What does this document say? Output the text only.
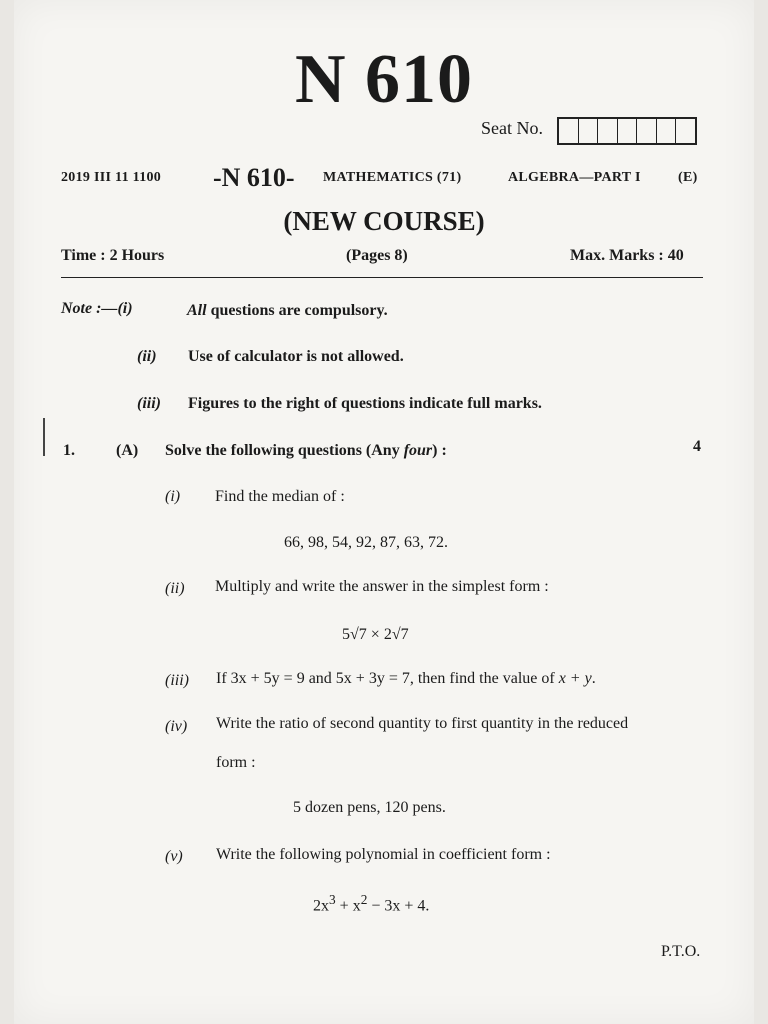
N 610
Seat No.
2019 III 11 1100 -N 610- MATHEMATICS (71)	ALGEBRA—PART I	(E)
(NEW COURSE)
Time : 2 Hours	(Pages 8)	Max. Marks : 40
Note :—(i)	All questions are compulsory.
(ii) Use of calculator is not allowed.
(iii) Figures to the right of questions indicate full marks.
1.	(A) Solve the following questions (Any four) :	4
(i) Find the median of :
66, 98, 54, 92, 87, 63, 72.
(ii) Multiply and write the answer in the simplest form :
5√7 × 2√7
(iii) If 3x + 5y = 9 and 5x + 3y = 7, then find the value of x + y.
(iv) Write the ratio of second quantity to first quantity in the reduced
form :
5 dozen pens, 120 pens.
(v) Write the following polynomial in coefficient form :
$2x^3 + x^2 - 3x + 4$.
P.T.O.
